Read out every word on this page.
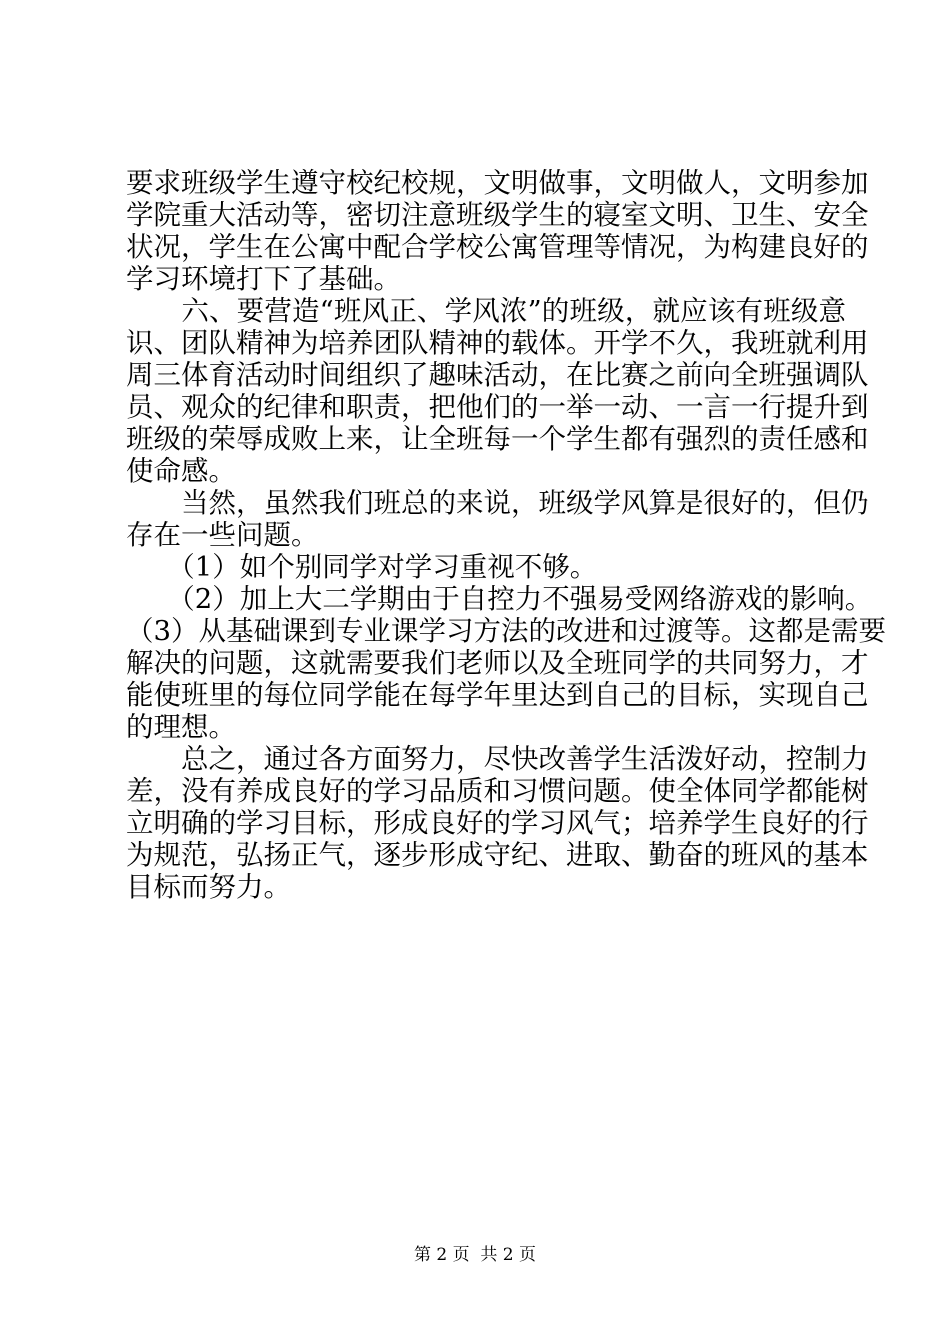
要求班级学生遵守校纪校规，文明做事，文明做人，文明参加
学院重大活动等，密切注意班级学生的寝室文明、卫生、安全
状况，学生在公寓中配合学校公寓管理等情况，为构建良好的
学习环境打下了基础。
　　六、要营造“班风正、学风浓”的班级，就应该有班级意
识、团队精神为培养团队精神的载体。开学不久，我班就利用
周三体育活动时间组织了趣味活动，在比赛之前向全班强调队
员、观众的纪律和职责，把他们的一举一动、一言一行提升到
班级的荣辱成败上来，让全班每一个学生都有强烈的责任感和
使命感。
　　当然，虽然我们班总的来说，班级学风算是很好的，但仍
存在一些问题。
　　（1）如个别同学对学习重视不够。
　　（2）加上大二学期由于自控力不强易受网络游戏的影响。
（3）从基础课到专业课学习方法的改进和过渡等。这都是需要
解决的问题，这就需要我们老师以及全班同学的共同努力，才
能使班里的每位同学能在每学年里达到自己的目标，实现自己
的理想。
　　总之，通过各方面努力，尽快改善学生活泼好动，控制力
差，没有养成良好的学习品质和习惯问题。使全体同学都能树
立明确的学习目标，形成良好的学习风气；培养学生良好的行
为规范，弘扬正气，逐步形成守纪、进取、勤奋的班风的基本
目标而努力。
第 2 页  共 2 页
